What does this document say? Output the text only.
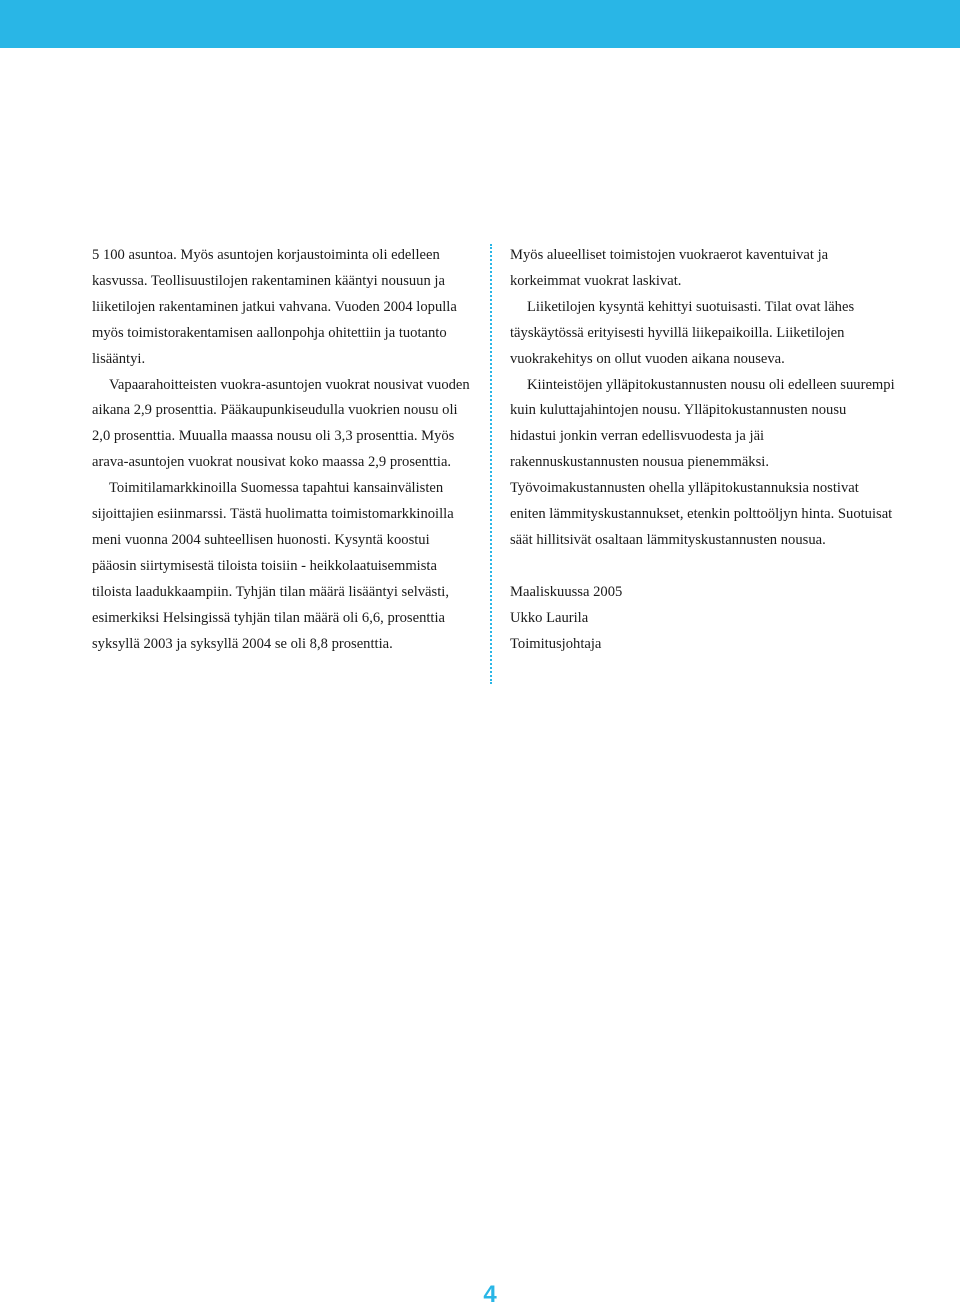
5 100 asuntoa. Myös asuntojen korjaustoiminta oli edelleen kasvussa. Teollisuustilojen rakentaminen kääntyi nousuun ja liiketilojen rakentaminen jatkui vahvana. Vuoden 2004 lopulla myös toimistorakentamisen aallonpohja ohitettiin ja tuotanto lisääntyi.

Vapaarahoitteisten vuokra-asuntojen vuokrat nousivat vuoden aikana 2,9 prosenttia. Pääkaupunkiseudulla vuokrien nousu oli 2,0 prosenttia. Muualla maassa nousu oli 3,3 prosenttia. Myös arava-asuntojen vuokrat nousivat koko maassa 2,9 prosenttia.

Toimitilamarkkinoilla Suomessa tapahtui kansainvälisten sijoittajien esiinmarssi. Tästä huolimatta toimistomarkkinoilla meni vuonna 2004 suhteellisen huonosti. Kysyntä koostui pääosin siirtymisestä tiloista toisiin - heikkolaatuisemmista tiloista laadukkaampiin. Tyhjän tilan määrä lisääntyi selvästi, esimerkiksi Helsingissä tyhjän tilan määrä oli 6,6, prosenttia syksyllä 2003 ja syksyllä 2004 se oli 8,8 prosenttia.

Myös alueelliset toimistojen vuokraerot kaventuivat ja korkeimmat vuokrat laskivat.

Liiketilojen kysyntä kehittyi suotuisasti. Tilat ovat lähes täyskäytössä erityisesti hyvillä liikepaikoilla. Liiketilojen vuokrakehitys on ollut vuoden aikana nouseva.

Kiinteistöjen ylläpitokustannusten nousu oli edelleen suurempi kuin kuluttajahintojen nousu. Ylläpitokustannusten nousu hidastui jonkin verran edellisvuodesta ja jäi rakennuskustannusten nousua pienemmäksi. Työvoimakustannusten ohella ylläpitokustannuksia nostivat eniten lämmityskustannukset, etenkin polttoöljyn hinta. Suotuisat säät hillitsivät osaltaan lämmityskustannusten nousua.

Maaliskuussa 2005

Ukko Laurila

Toimitusjohtaja

4
